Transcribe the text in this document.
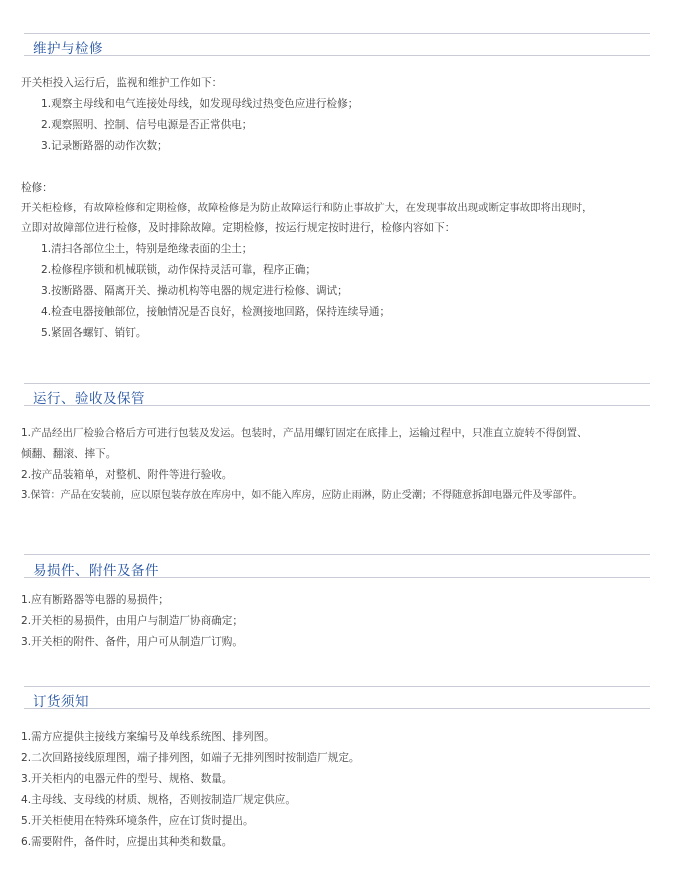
维护与检修
开关柜投入运行后，监视和维护工作如下：
1.观察主母线和电气连接处母线，如发现母线过热变色应进行检修；
2.观察照明、控制、信号电源是否正常供电；
3.记录断路器的动作次数；
检修：
开关柜检修，有故障检修和定期检修，故障检修是为防止故障运行和防止事故扩大，在发现事故出现或断定事故即将出现时，
立即对故障部位进行检修，及时排除故障。定期检修，按运行规定按时进行，检修内容如下：
1.清扫各部位尘土，特别是绝缘表面的尘土；
2.检修程序锁和机械联锁，动作保持灵活可靠，程序正确；
3.按断路器、隔离开关、操动机构等电器的规定进行检修、调试；
4.检查电器接触部位，接触情况是否良好，检测接地回路，保持连续导通；
5.紧固各螺钉、销钉。
运行、验收及保管
1.产品经出厂检验合格后方可进行包装及发运。包装时，产品用螺钉固定在底排上，运输过程中，只准直立旋转不得倒置、
倾翻、翻滚、摔下。
2.按产品装箱单，对整机、附件等进行验收。
3.保管：产品在安装前，应以原包装存放在库房中，如不能入库房，应防止雨淋，防止受潮；不得随意拆卸电器元件及零部件。
易损件、附件及备件
1.应有断路器等电器的易损件；
2.开关柜的易损件，由用户与制造厂协商确定；
3.开关柜的附件、备件，用户可从制造厂订购。
订货须知
1.需方应提供主接线方案编号及单线系统图、排列图。
2.二次回路接线原理图，端子排列图，如端子无排列图时按制造厂规定。
3.开关柜内的电器元件的型号、规格、数量。
4.主母线、支母线的材质、规格，否则按制造厂规定供应。
5.开关柜使用在特殊环境条件，应在订货时提出。
6.需要附件，备件时，应提出其种类和数量。
